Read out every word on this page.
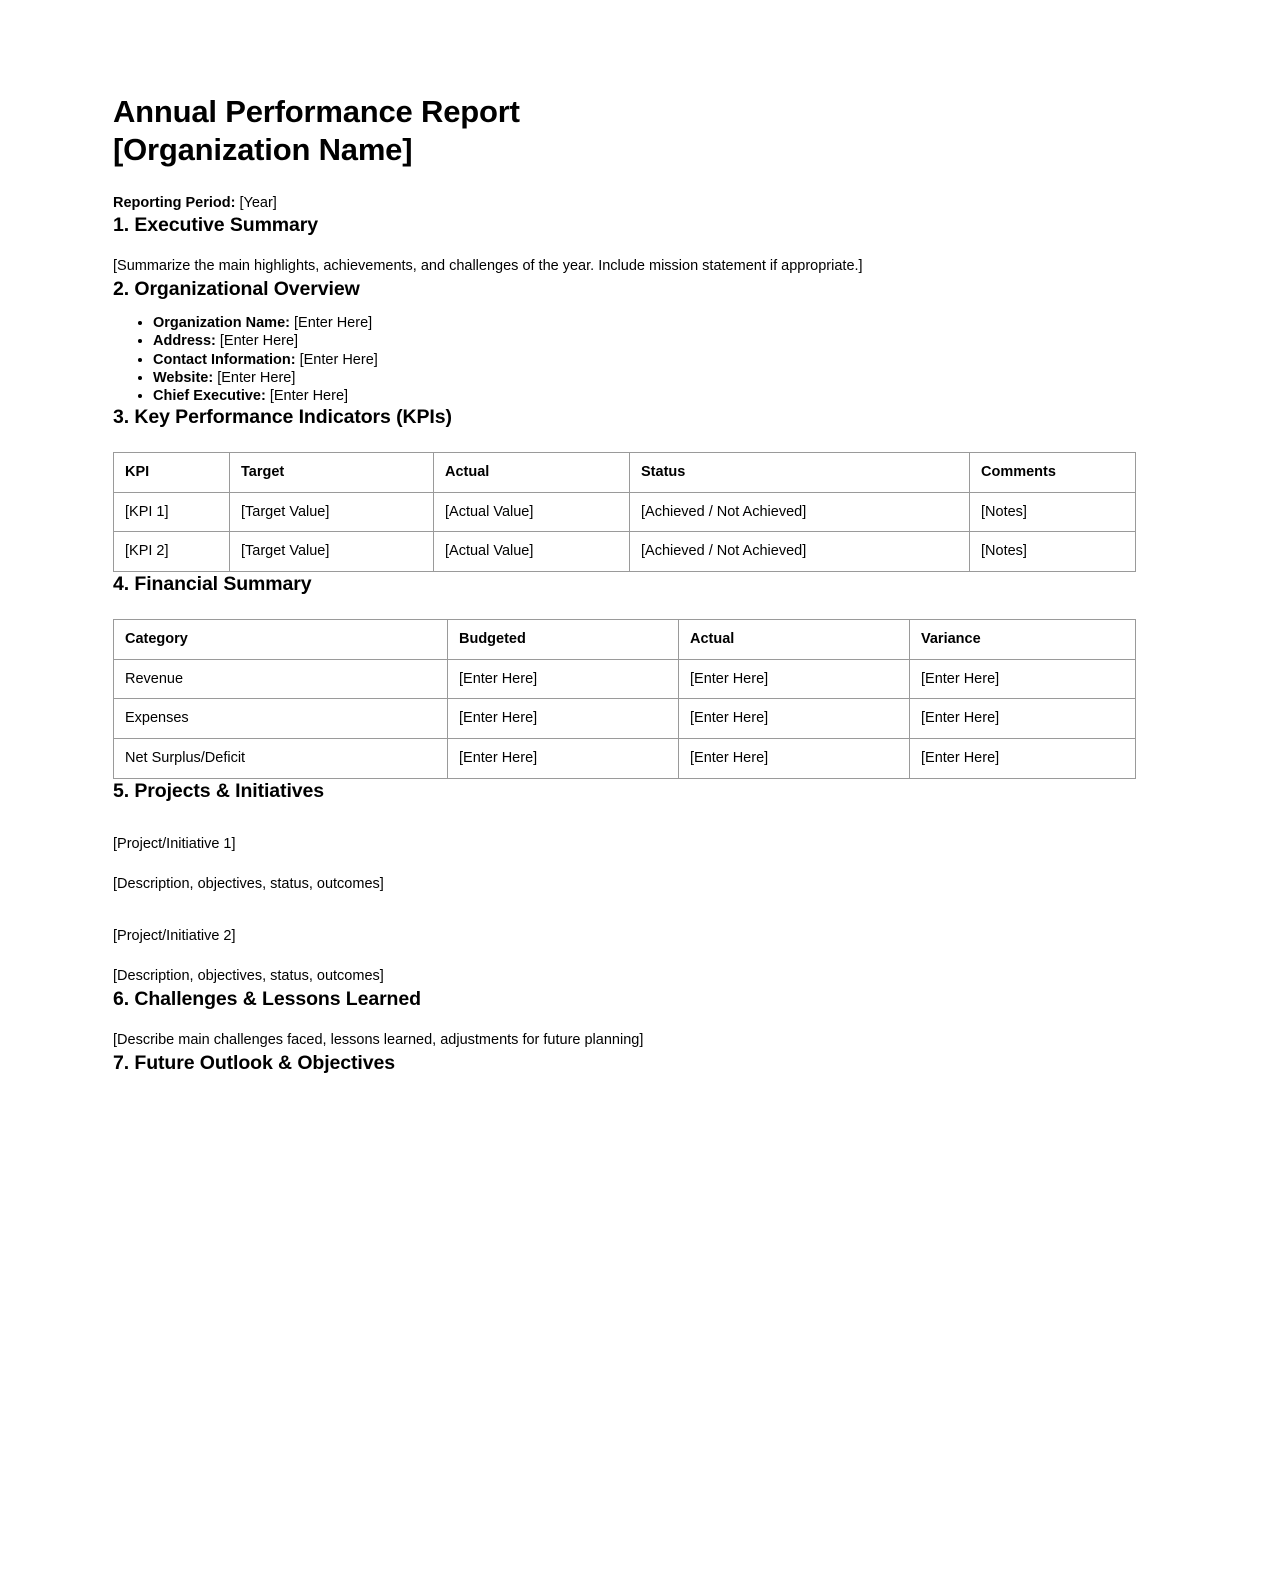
Annual Performance Report
[Organization Name]
Reporting Period: [Year]
1. Executive Summary

[Summarize the main highlights, achievements, and challenges of the year. Include mission statement if appropriate.]

2. Organizational Overview
• Organization Name: [Enter Here]
• Address: [Enter Here]
• Contact Information: [Enter Here]
• Website: [Enter Here]
• Chief Executive: [Enter Here]
3. Key Performance Indicators (KPIs)
KPI	Target	Actual	Status	Comments
[KPI 1]	[Target Value]	[Actual Value]	[Achieved / Not Achieved]	[Notes]
[KPI 2]	[Target Value]	[Actual Value]	[Achieved / Not Achieved]	[Notes]
4. Financial Summary
Category	Budgeted	Actual	Variance
Revenue	[Enter Here]	[Enter Here]	[Enter Here]
Expenses	[Enter Here]	[Enter Here]	[Enter Here]
Net Surplus/Deficit	[Enter Here]	[Enter Here]	[Enter Here]
5. Projects & Initiatives

[Project/Initiative 1]

[Description, objectives, status, outcomes]

[Project/Initiative 2]

[Description, objectives, status, outcomes]

6. Challenges & Lessons Learned

[Describe main challenges faced, lessons learned, adjustments for future planning]

7. Future Outlook & Objectives
